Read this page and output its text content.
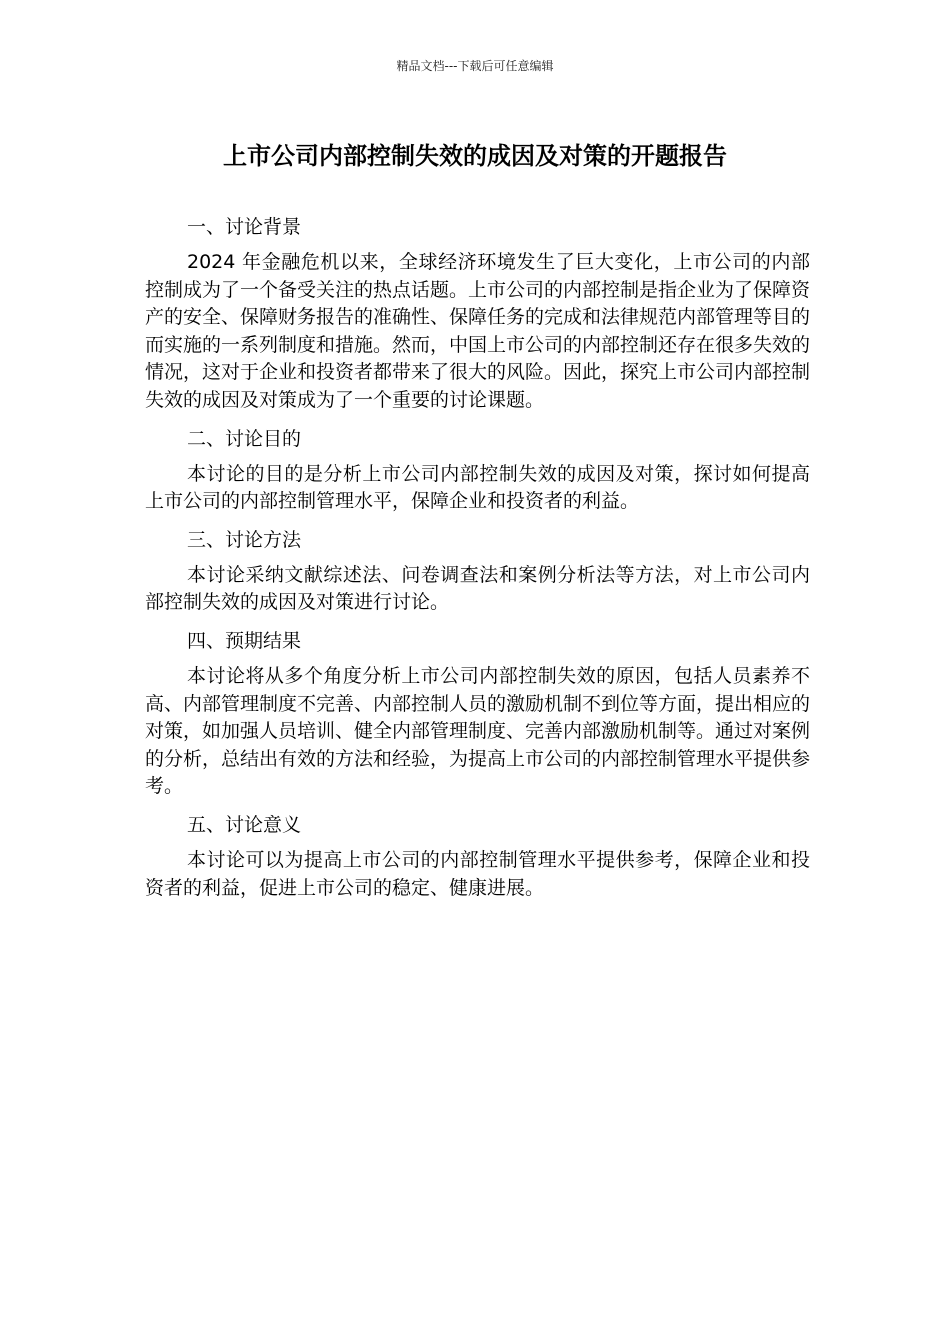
精品文档---下载后可任意编辑
上市公司内部控制失效的成因及对策的开题报告

一、讨论背景

2024 年金融危机以来，全球经济环境发生了巨大变化，上市公司的内部控制成为了一个备受关注的热点话题。上市公司的内部控制是指企业为了保障资产的安全、保障财务报告的准确性、保障任务的完成和法律规范内部管理等目的而实施的一系列制度和措施。然而，中国上市公司的内部控制还存在很多失效的情况，这对于企业和投资者都带来了很大的风险。因此，探究上市公司内部控制失效的成因及对策成为了一个重要的讨论课题。

二、讨论目的

本讨论的目的是分析上市公司内部控制失效的成因及对策，探讨如何提高上市公司的内部控制管理水平，保障企业和投资者的利益。

三、讨论方法

本讨论采纳文献综述法、问卷调查法和案例分析法等方法，对上市公司内部控制失效的成因及对策进行讨论。

四、预期结果

本讨论将从多个角度分析上市公司内部控制失效的原因，包括人员素养不高、内部管理制度不完善、内部控制人员的激励机制不到位等方面，提出相应的对策，如加强人员培训、健全内部管理制度、完善内部激励机制等。通过对案例的分析，总结出有效的方法和经验，为提高上市公司的内部控制管理水平提供参考。

五、讨论意义

本讨论可以为提高上市公司的内部控制管理水平提供参考，保障企业和投资者的利益，促进上市公司的稳定、健康进展。
